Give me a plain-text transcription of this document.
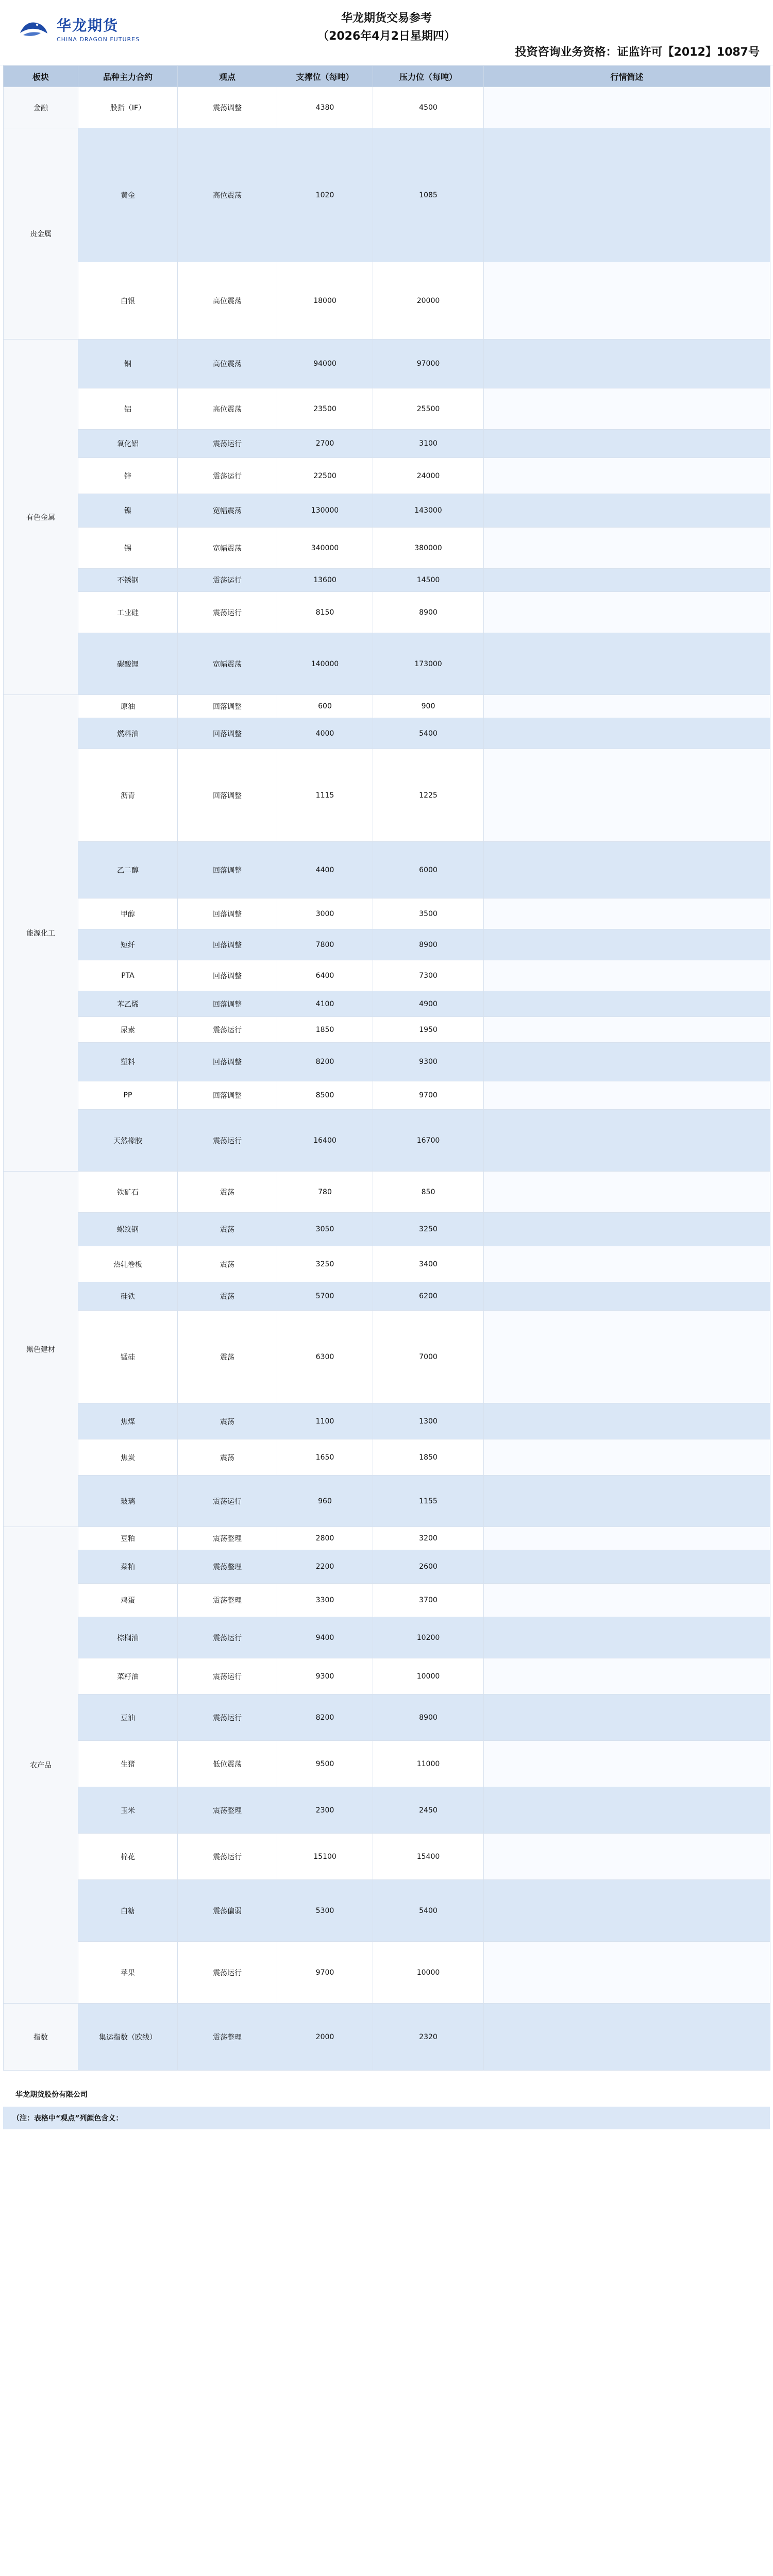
华龙期货
CHINA DRAGON FUTURES
华龙期货交易参考
（2026年4月2日星期四）
投资咨询业务资格：证监许可【2012】1087号
板块	品种主力合约	观点	支撑位（每吨）	压力位（每吨）	行情简述
金融	股指（IF）	震荡调整	4380	4500	
贵金属	黄金	高位震荡	1020	1085	
	白银	高位震荡	18000	20000	
有色金属	铜	高位震荡	94000	97000	
	铝	高位震荡	23500	25500	
	氧化铝	震荡运行	2700	3100	
	锌	震荡运行	22500	24000	
	镍	宽幅震荡	130000	143000	
	锡	宽幅震荡	340000	380000	
	不锈钢	震荡运行	13600	14500	
	工业硅	震荡运行	8150	8900	
	碳酸锂	宽幅震荡	140000	173000	
能源化工	原油	回落调整	600	900	
	燃料油	回落调整	4000	5400	
	沥青	回落调整	1115	1225	
	乙二醇	回落调整	4400	6000	
	甲醇	回落调整	3000	3500	
	短纤	回落调整	7800	8900	
	PTA	回落调整	6400	7300	
	苯乙烯	回落调整	4100	4900	
	尿素	震荡运行	1850	1950	
	塑料	回落调整	8200	9300	
	PP	回落调整	8500	9700	
	天然橡胶	震荡运行	16400	16700	
黑色建材	铁矿石	震荡	780	850	
	螺纹钢	震荡	3050	3250	
	热轧卷板	震荡	3250	3400	
	硅铁	震荡	5700	6200	
	锰硅	震荡	6300	7000	
	焦煤	震荡	1100	1300	
	焦炭	震荡	1650	1850	
	玻璃	震荡运行	960	1155	
农产品	豆粕	震荡整理	2800	3200	
	菜粕	震荡整理	2200	2600	
	鸡蛋	震荡整理	3300	3700	
	棕榈油	震荡运行	9400	10200	
	菜籽油	震荡运行	9300	10000	
	豆油	震荡运行	8200	8900	
	生猪	低位震荡	9500	11000	
	玉米	震荡整理	2300	2450	
	棉花	震荡运行	15100	15400	
	白糖	震荡偏弱	5300	5400	
	苹果	震荡运行	9700	10000	
指数	集运指数（欧线）	震荡整理	2000	2320	
华龙期货股份有限公司
（注：表格中“观点”列颜色含义：
